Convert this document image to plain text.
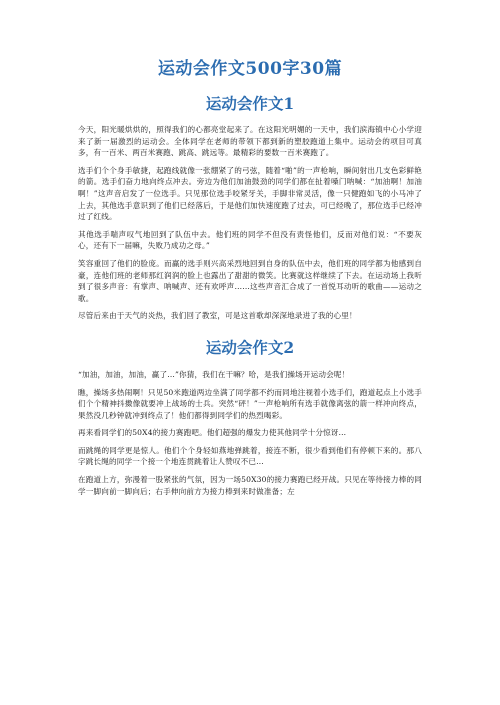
运动会作文500字30篇
运动会作文1

今天，阳光暖烘烘的，照得我们的心都亮堂起来了。在这阳光明媚的一天中，我们滨海镇中心小学迎来了新一届激烈的运动会。全体同学在老师的带领下都到新的塑胶跑道上集中。运动会的项目可真多，有一百米、两百米赛跑、跳高、跳远等。最精彩的要数一百米赛跑了。

选手们个个身手敏捷，起跑线就像一张绷紧了的弓弦，随着“啪”的一声枪响，瞬间射出几支色彩鲜艳的箭。选手们奋力地向终点冲去。旁边为他们加油鼓劲的同学们都在扯着嗓门呐喊：“加油啊！加油啊！”这声音启发了一位选手。只见那位选手咬紧牙关，手脚非常灵活，像一只健跑如飞的小马冲了上去，其他选手意识到了他们已经落后，于是他们加快速度跑了过去，可已经晚了，那位选手已经冲过了红线。

其他选手喘声叹气地回到了队伍中去。他们班的同学不但没有责怪他们，反而对他们说：“不要灰心，还有下一届嘛，失败乃成功之母。”

笑容重回了他们的脸庞。而赢的选手则兴高采烈地回到自身的队伍中去，他们班的同学都为他感到自豪，连他们班的老师那红润润的脸上也露出了甜甜的微笑。比赛就这样继续了下去。在运动场上我听到了很多声音：有掌声、呐喊声、还有欢呼声……这些声音汇合成了一首悦耳动听的歌曲——运动之歌。

尽管后来由于天气的炎热，我们回了教室，可是这首歌却深深地录进了我的心里！

运动会作文2

“加油，加油，加油，赢了…”你猜，我们在干嘛？哈，是我们操场开运动会呢！

瞧，操场多热闹啊！只见50米跑道两边坐满了同学都不约而同地注视着小选手们，跑道起点上小选手们个个精神抖擞像就要冲上战场的士兵。突然“砰！”一声枪响所有选手就像离弦的箭一样冲向终点，果然没几秒钟就冲到终点了！他们都得到同学们的热烈喝彩。

再来看同学们的50X4的接力赛跑吧。他们超强的爆发力使其他同学十分惊讶…

而跳绳的同学更是惊人。他们个个身轻如燕地弹跳着，接连不断，很少看到他们有停顿下来的。那八字跳长绳的同学一个接一个地连贯跳着让人赞叹不已…

在跑道上方，弥漫着一股紧张的气氛，因为一场50X30的接力赛跑已经开战。只见在等待接力棒的同学一脚向前一脚向后；右手伸向前方为接力棒到来时做准备；左
